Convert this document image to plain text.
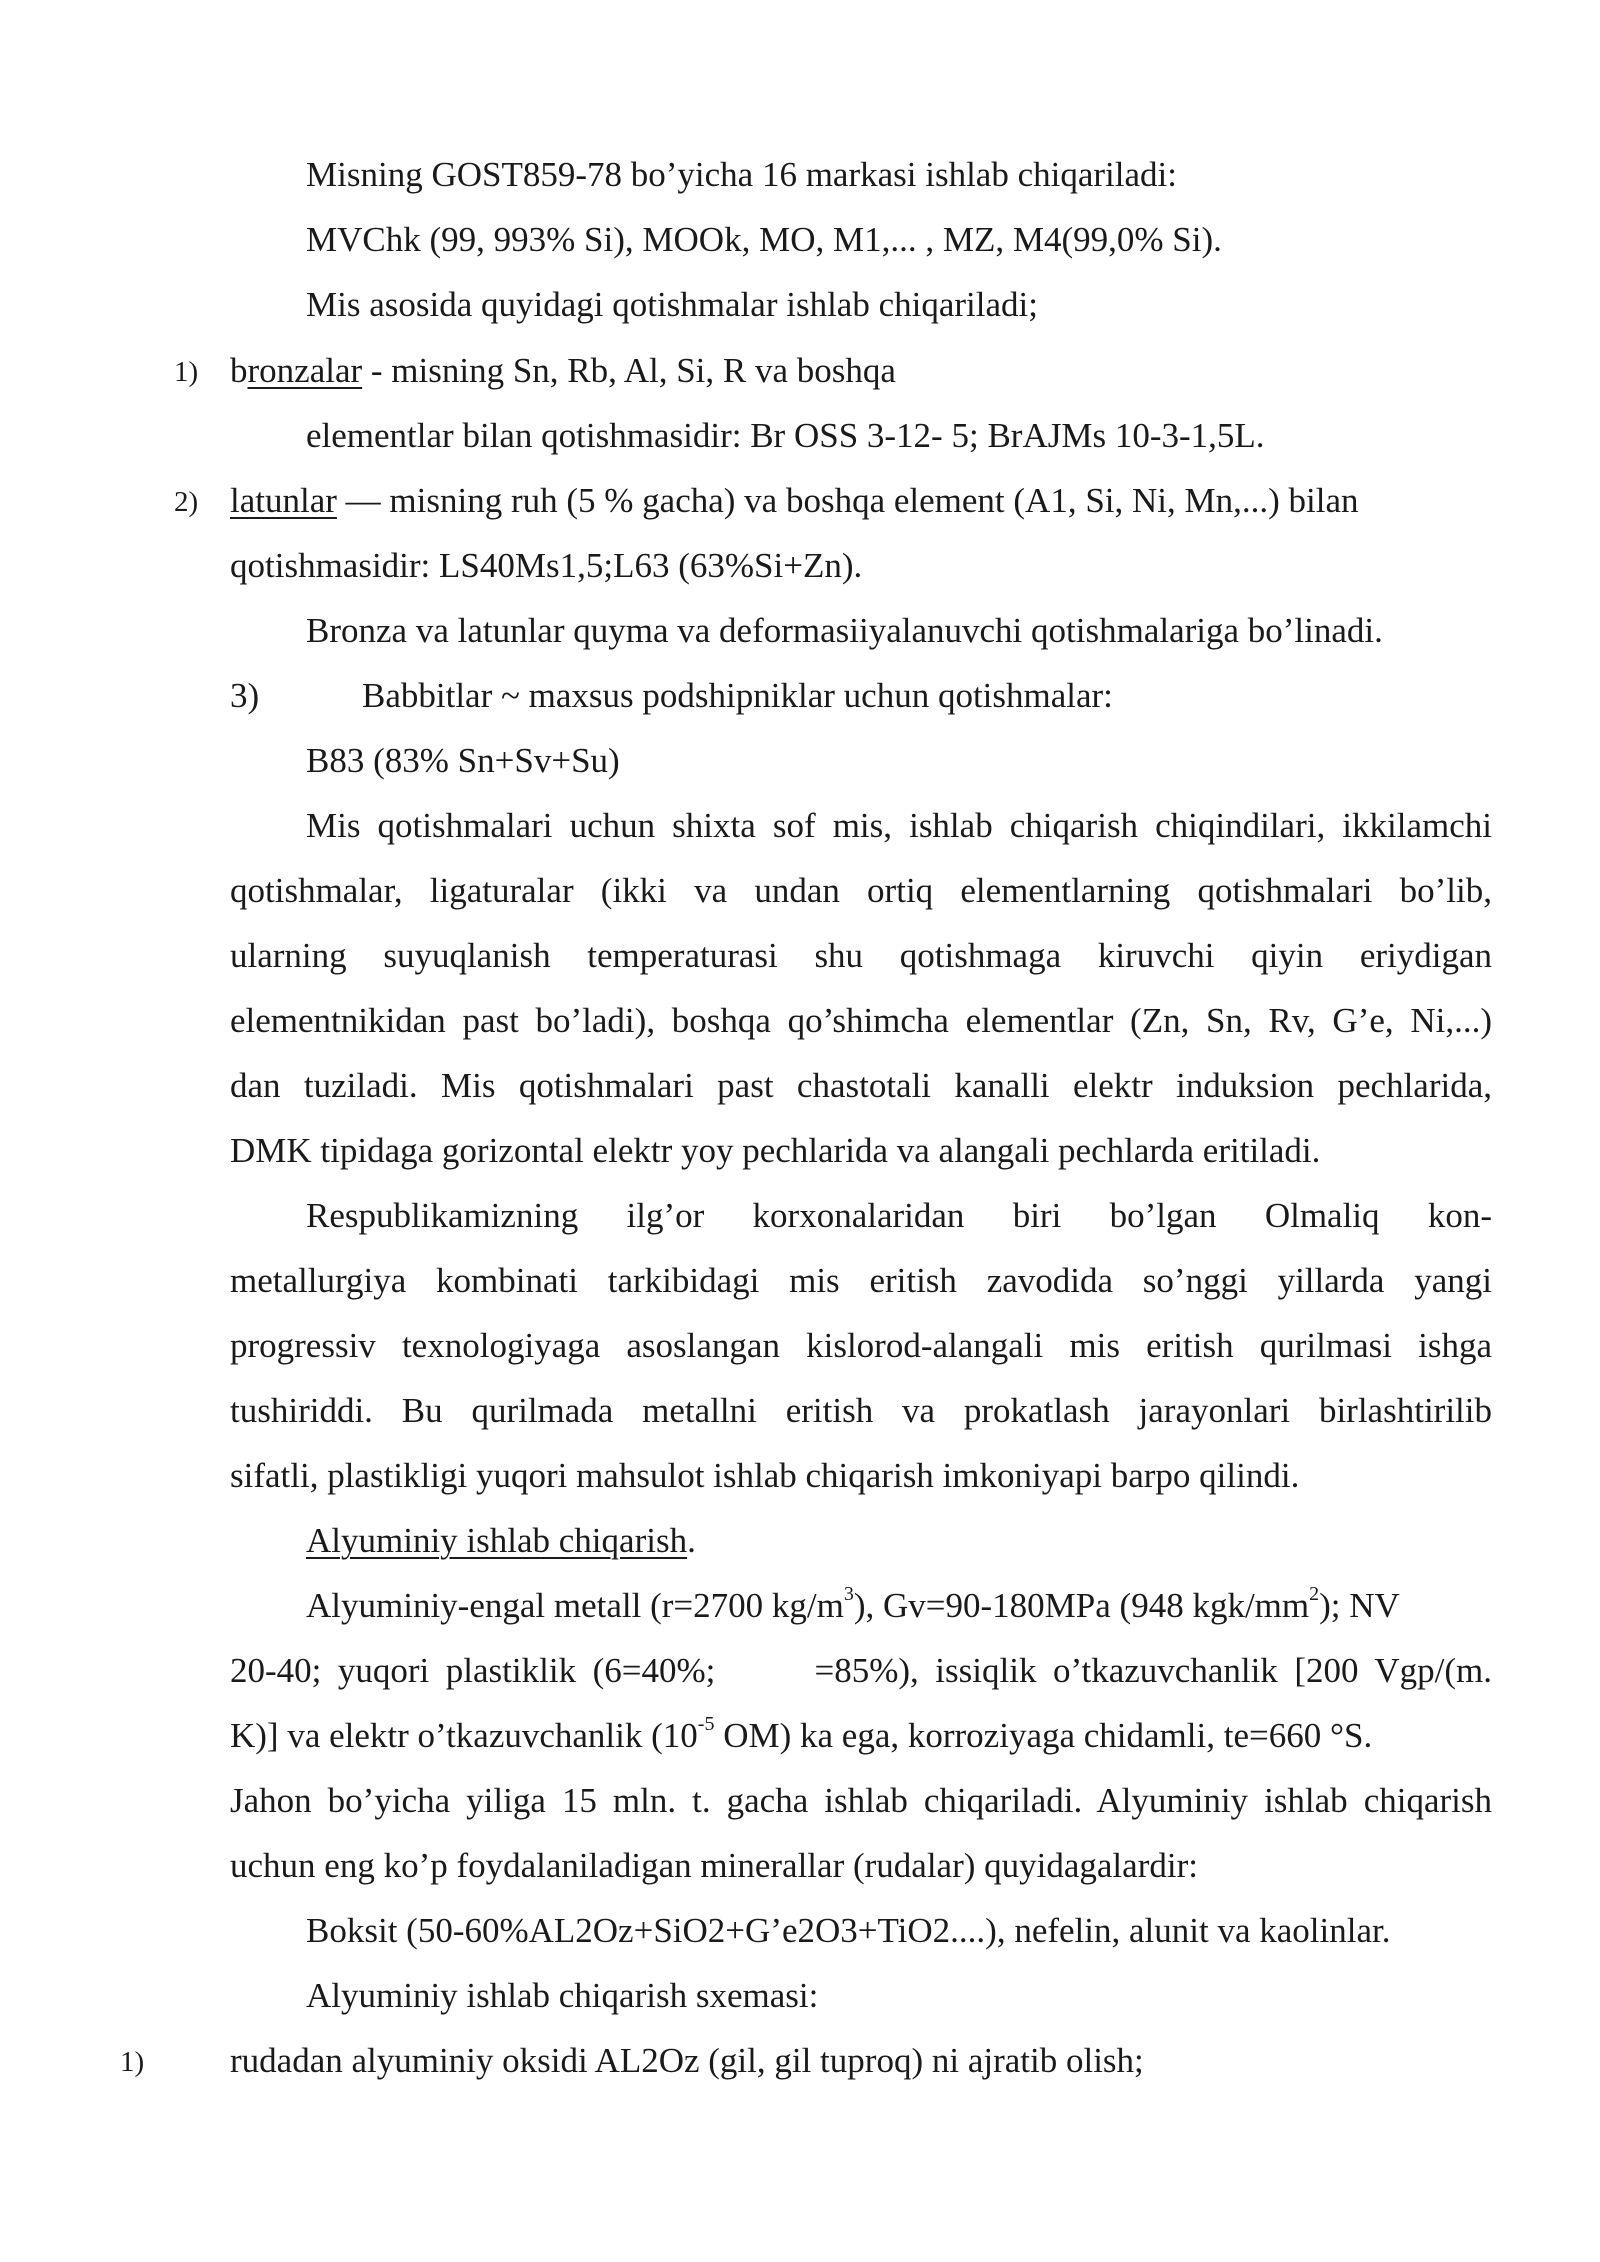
Misning GOST859-78 bo’yicha 16 markasi ishlab chiqariladi:
MVChk (99, 993% Si), MOOk, MO, M1,... , MZ, M4(99,0% Si).
Mis asosida quyidagi qotishmalar ishlab chiqariladi;
1) bronzalar - misning Sn, Rb, Al, Si, R va boshqa
elementlar bilan qotishmasidir: Br OSS 3-12- 5; BrAJMs 10-3-1,5L.
2) latunlar — misning ruh (5 % gacha) va boshqa element (A1, Si, Ni, Mn,...) bilan
qotishmasidir: LS40Ms1,5;L63 (63%Si+Zn).
Bronza va latunlar quyma va deformasiiyalanuvchi qotishmalariga bo’linadi.
3)	Babbitlar ~ maxsus podshipniklar uchun qotishmalar:
B83 (83% Sn+Sv+Su)
Mis qotishmalari uchun shixta sof mis, ishlab chiqarish chiqindilari, ikkilamchi
qotishmalar, ligaturalar (ikki va undan ortiq elementlarning qotishmalari bo’lib,
ularning suyuqlanish temperaturasi shu qotishmaga kiruvchi qiyin eriydigan
elementnikidan past bo’ladi), boshqa qo’shimcha elementlar (Zn, Sn, Rv, G’e, Ni,...)
dan tuziladi. Mis qotishmalari past chastotali kanalli elektr induksion pechlarida,
DMK tipidaga gorizontal elektr yoy pechlarida va alangali pechlarda eritiladi.
Respublikamizning ilg’or korxonalaridan biri bo’lgan Olmaliq kon-
metallurgiya kombinati tarkibidagi mis eritish zavodida so’nggi yillarda yangi
progressiv texnologiyaga asoslangan kislorod-alangali mis eritish qurilmasi ishga
tushiriddi. Bu qurilmada metallni eritish va prokatlash jarayonlari birlashtirilib
sifatli, plastikligi yuqori mahsulot ishlab chiqarish imkoniyapi barpo qilindi.
Alyuminiy ishlab chiqarish.
Alyuminiy-engal metall (r=2700 $kg/m^3$), Gv=90-180MPa (948 kgk/$mm^2$); NV
20-40; yuqori plastiklik (6=40%;      =85%), issiqlik o’tkazuvchanlik [200 Vgp/(m.
K)] va elektr o’tkazuvchanlik ($10^{-5}$ OM) ka ega, korroziyaga chidamli, te=660 °S.
Jahon bo’yicha yiliga 15 mln. t. gacha ishlab chiqariladi. Alyuminiy ishlab chiqarish
uchun eng ko’p foydalaniladigan minerallar (rudalar) quyidagalardir:
Boksit (50-60%AL2Oz+SiO2+G’e2O3+TiO2....), nefelin, alunit va kaolinlar.
Alyuminiy ishlab chiqarish sxemasi:
1) rudadan alyuminiy oksidi AL2Oz (gil, gil tuproq) ni ajratib olish;
